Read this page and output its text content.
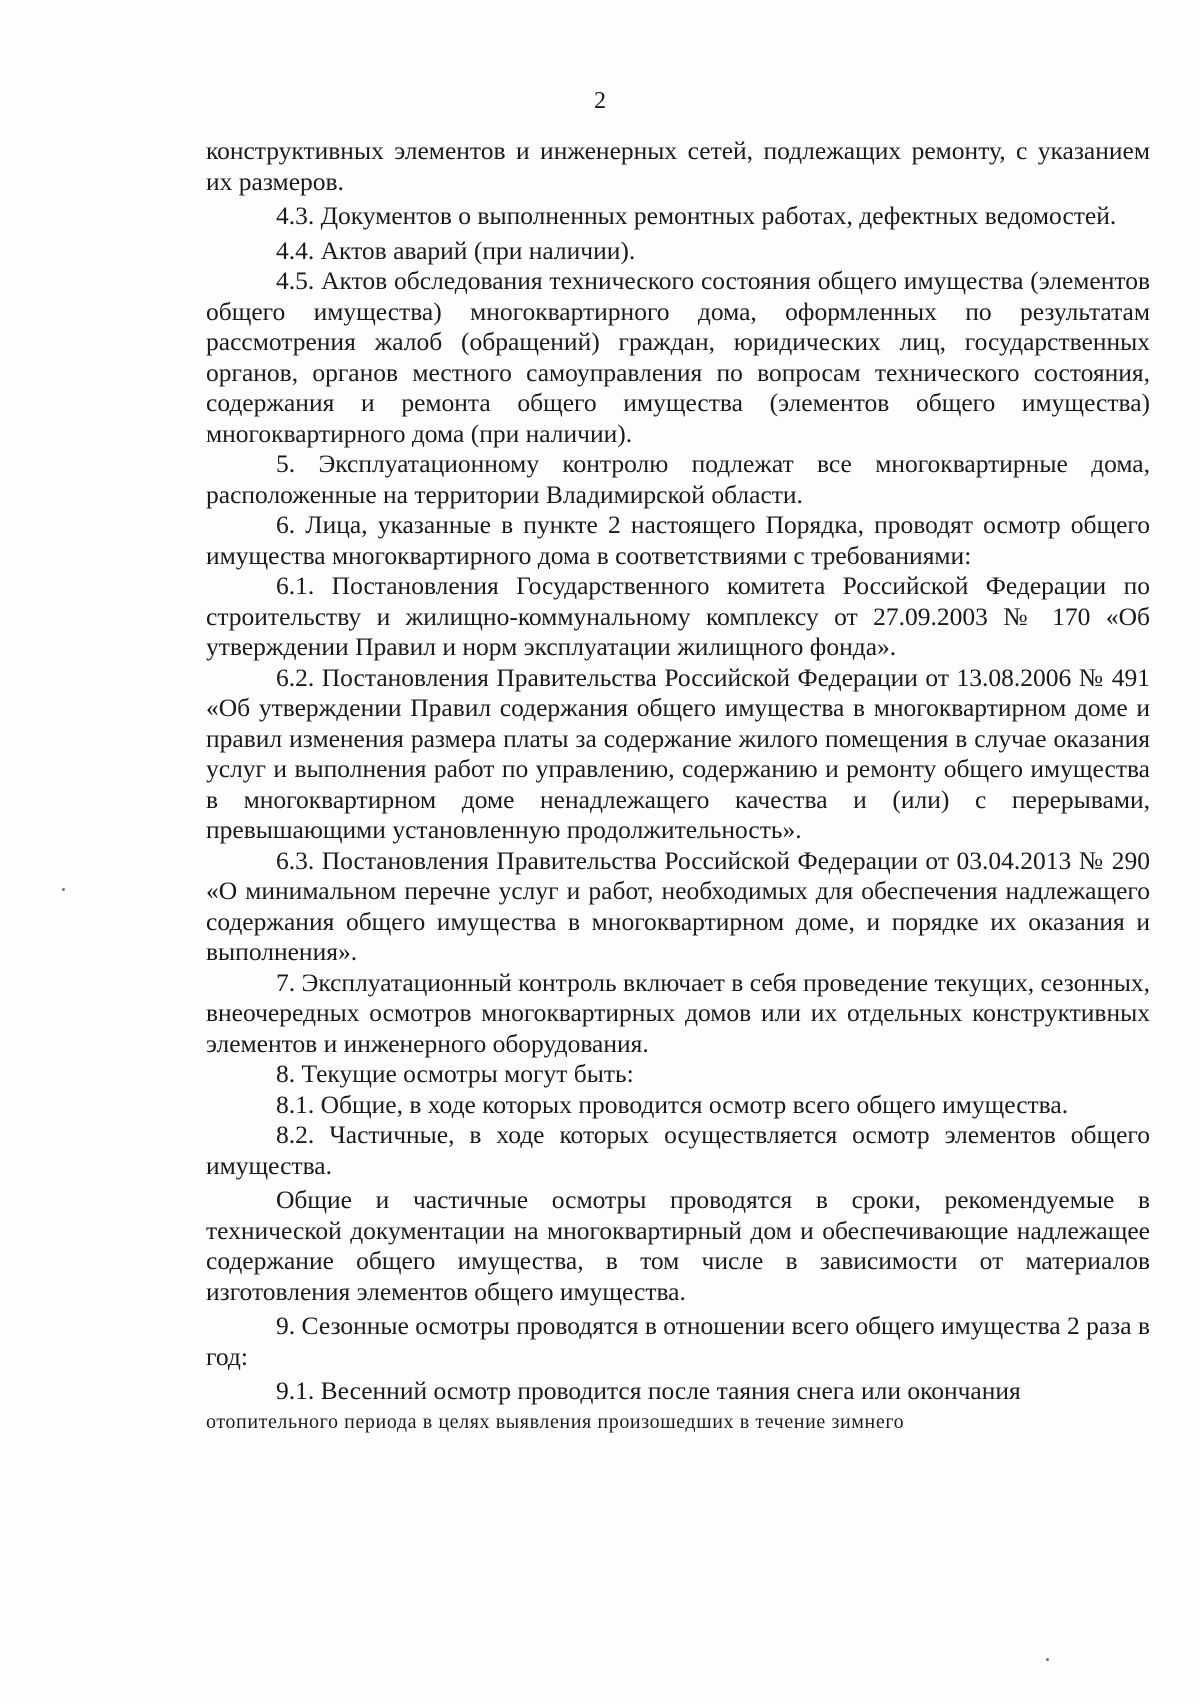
2

конструктивных элементов и инженерных сетей, подлежащих ремонту, с указанием их размеров.

4.3. Документов о выполненных ремонтных работах, дефектных ведомостей.

4.4. Актов аварий (при наличии).

4.5. Актов обследования технического состояния общего имущества (элементов общего имущества) многоквартирного дома, оформленных по результатам рассмотрения жалоб (обращений) граждан, юридических лиц, государственных органов, органов местного самоуправления по вопросам технического состояния, содержания и ремонта общего имущества (элементов общего имущества) многоквартирного дома (при наличии).

5. Эксплуатационному контролю подлежат все многоквартирные дома, расположенные на территории Владимирской области.

6. Лица, указанные в пункте 2 настоящего Порядка, проводят осмотр общего имущества многоквартирного дома в соответствиями с требованиями:

6.1. Постановления Государственного комитета Российской Федерации по строительству и жилищно-коммунальному комплексу от 27.09.2003 № 170 «Об утверждении Правил и норм эксплуатации жилищного фонда».

6.2. Постановления Правительства Российской Федерации от 13.08.2006 № 491 «Об утверждении Правил содержания общего имущества в многоквартирном доме и правил изменения размера платы за содержание жилого помещения в случае оказания услуг и выполнения работ по управлению, содержанию и ремонту общего имущества в многоквартирном доме ненадлежащего качества и (или) с перерывами, превышающими установленную продолжительность».

6.3. Постановления Правительства Российской Федерации от 03.04.2013 № 290 «О минимальном перечне услуг и работ, необходимых для обеспечения надлежащего содержания общего имущества в многоквартирном доме, и порядке их оказания и выполнения».

7. Эксплуатационный контроль включает в себя проведение текущих, сезонных, внеочередных осмотров многоквартирных домов или их отдельных конструктивных элементов и инженерного оборудования.

8. Текущие осмотры могут быть:

8.1. Общие, в ходе которых проводится осмотр всего общего имущества.

8.2. Частичные, в ходе которых осуществляется осмотр элементов общего имущества.

Общие и частичные осмотры проводятся в сроки, рекомендуемые в технической документации на многоквартирный дом и обеспечивающие надлежащее содержание общего имущества, в том числе в зависимости от материалов изготовления элементов общего имущества.

9. Сезонные осмотры проводятся в отношении всего общего имущества 2 раза в год:

9.1. Весенний осмотр проводится после таяния снега или окончания

отопительного периода в целях выявления произошедших в течение зимнего
